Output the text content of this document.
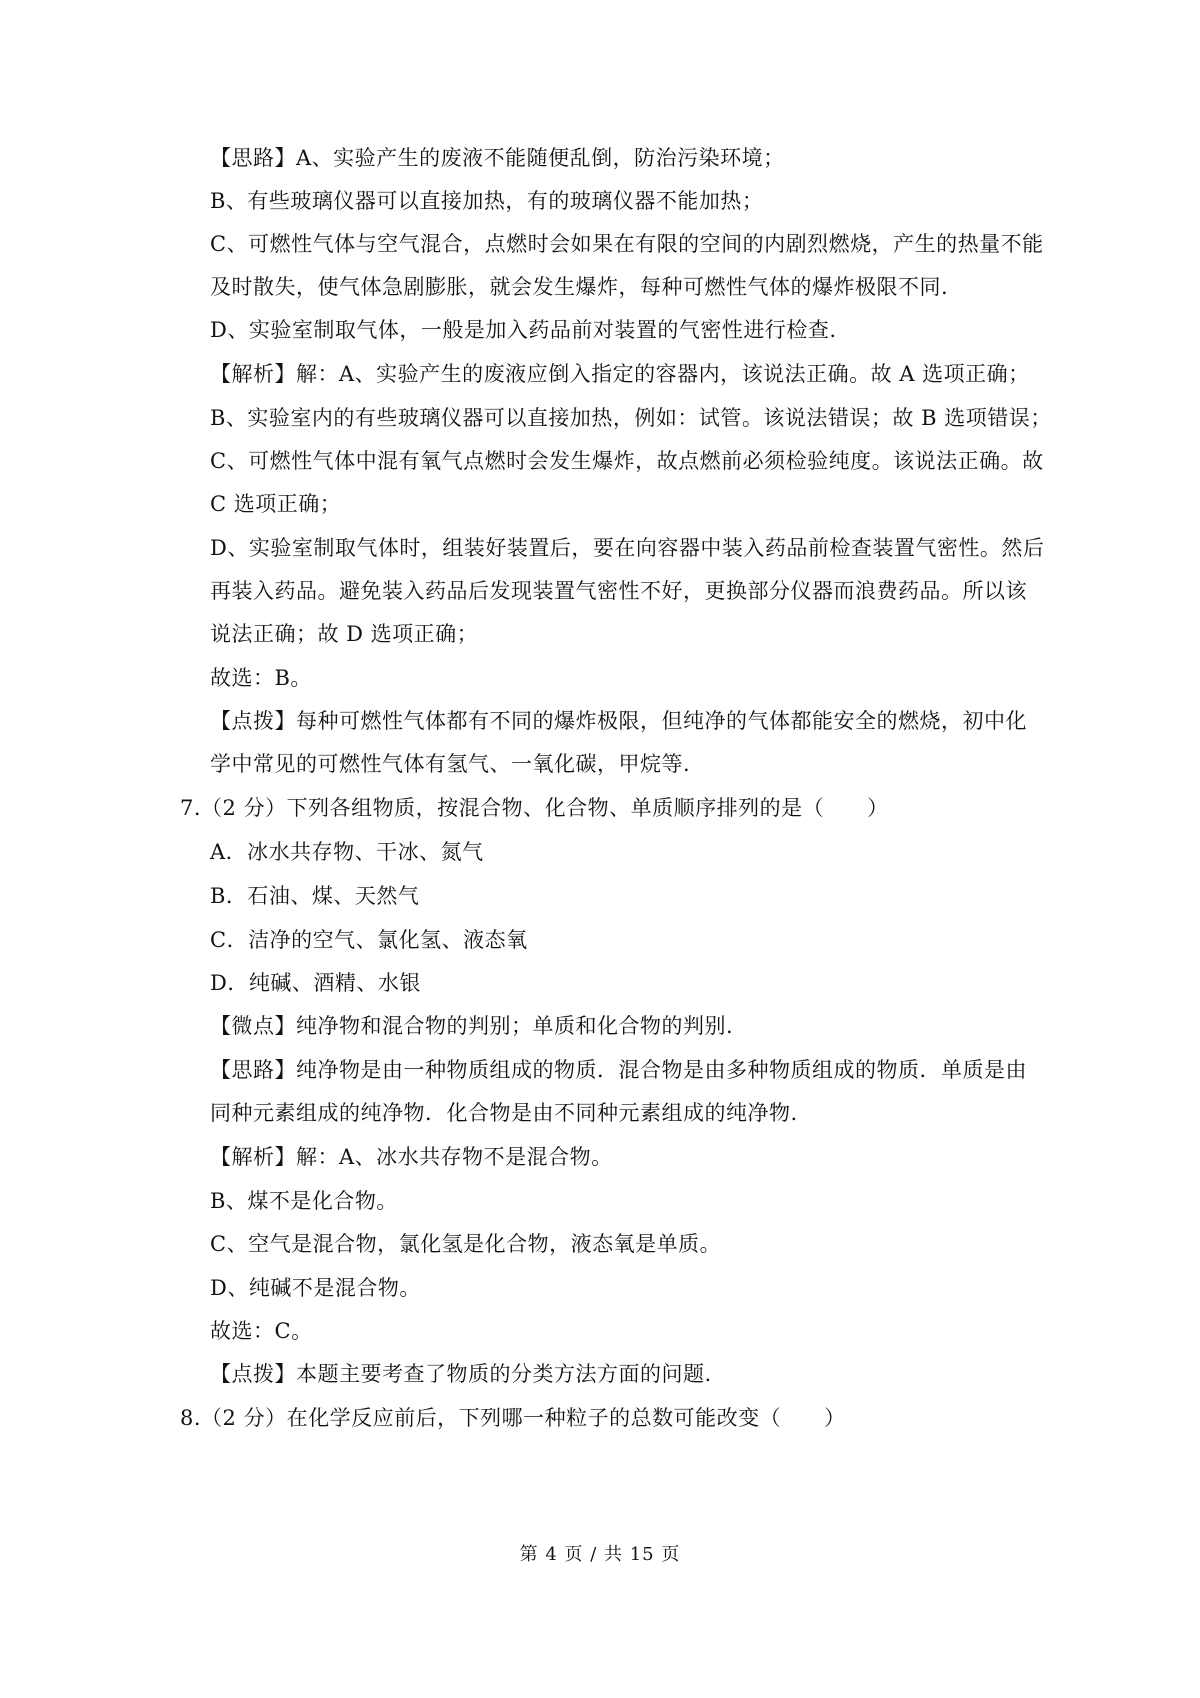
【思路】A、实验产生的废液不能随便乱倒，防治污染环境；
B、有些玻璃仪器可以直接加热，有的玻璃仪器不能加热；
C、可燃性气体与空气混合，点燃时会如果在有限的空间的内剧烈燃烧，产生的热量不能
及时散失，使气体急剧膨胀，就会发生爆炸，每种可燃性气体的爆炸极限不同.
D、实验室制取气体，一般是加入药品前对装置的气密性进行检查.
【解析】解：A、实验产生的废液应倒入指定的容器内，该说法正确。故 A 选项正确；
B、实验室内的有些玻璃仪器可以直接加热，例如：试管。该说法错误；故 B 选项错误；
C、可燃性气体中混有氧气点燃时会发生爆炸，故点燃前必须检验纯度。该说法正确。故
C 选项正确；
D、实验室制取气体时，组装好装置后，要在向容器中装入药品前检查装置气密性。然后
再装入药品。避免装入药品后发现装置气密性不好，更换部分仪器而浪费药品。所以该
说法正确；故 D 选项正确；
故选：B。
【点拨】每种可燃性气体都有不同的爆炸极限，但纯净的气体都能安全的燃烧，初中化
学中常见的可燃性气体有氢气、一氧化碳，甲烷等.
7.（2 分）下列各组物质，按混合物、化合物、单质顺序排列的是（　　）
A．冰水共存物、干冰、氮气
B．石油、煤、天然气
C．洁净的空气、氯化氢、液态氧
D．纯碱、酒精、水银
【微点】纯净物和混合物的判别；单质和化合物的判别.
【思路】纯净物是由一种物质组成的物质．混合物是由多种物质组成的物质．单质是由
同种元素组成的纯净物．化合物是由不同种元素组成的纯净物.
【解析】解：A、冰水共存物不是混合物。
B、煤不是化合物。
C、空气是混合物，氯化氢是化合物，液态氧是单质。
D、纯碱不是混合物。
故选：C。
【点拨】本题主要考查了物质的分类方法方面的问题.
8.（2 分）在化学反应前后，下列哪一种粒子的总数可能改变（　　）
第 4 页 / 共 15 页
